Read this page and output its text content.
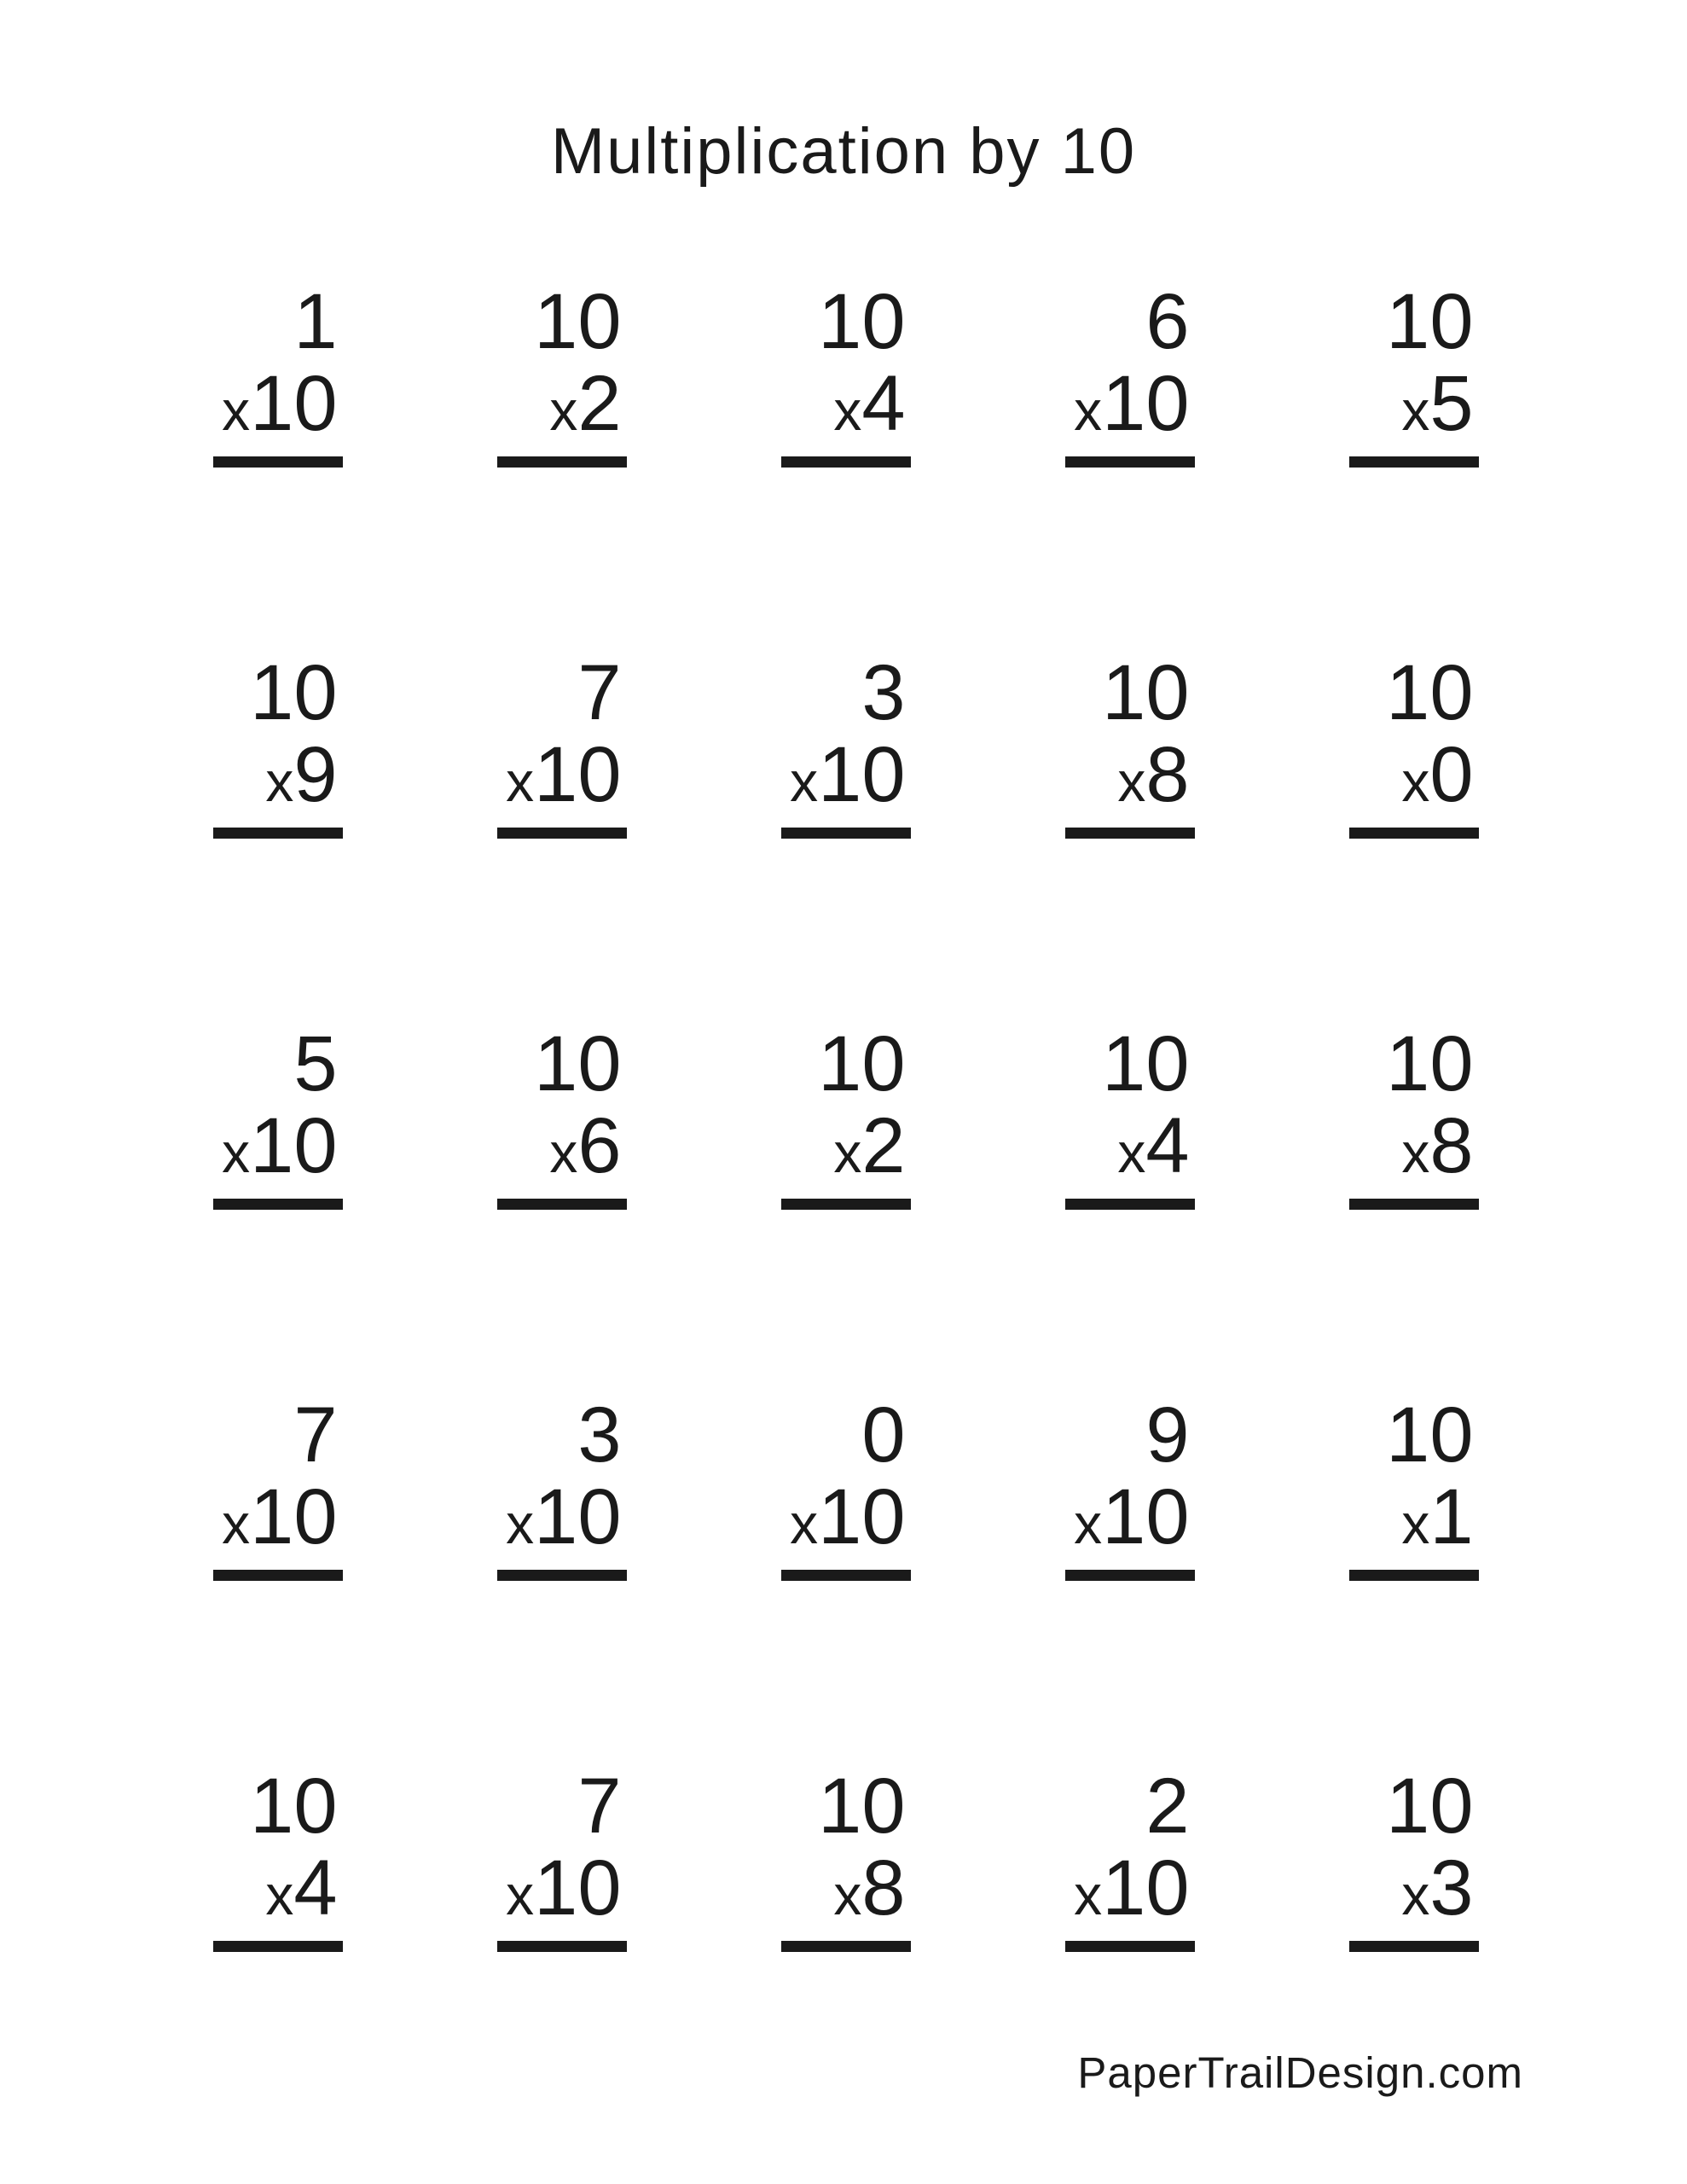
Multiplication by 10
1
x10
10
x2
10
x4
6
x10
10
x5
10
x9
7
x10
3
x10
10
x8
10
x0
5
x10
10
x6
10
x2
10
x4
10
x8
7
x10
3
x10
0
x10
9
x10
10
x1
10
x4
7
x10
10
x8
2
x10
10
x3
PaperTrailDesign.com
